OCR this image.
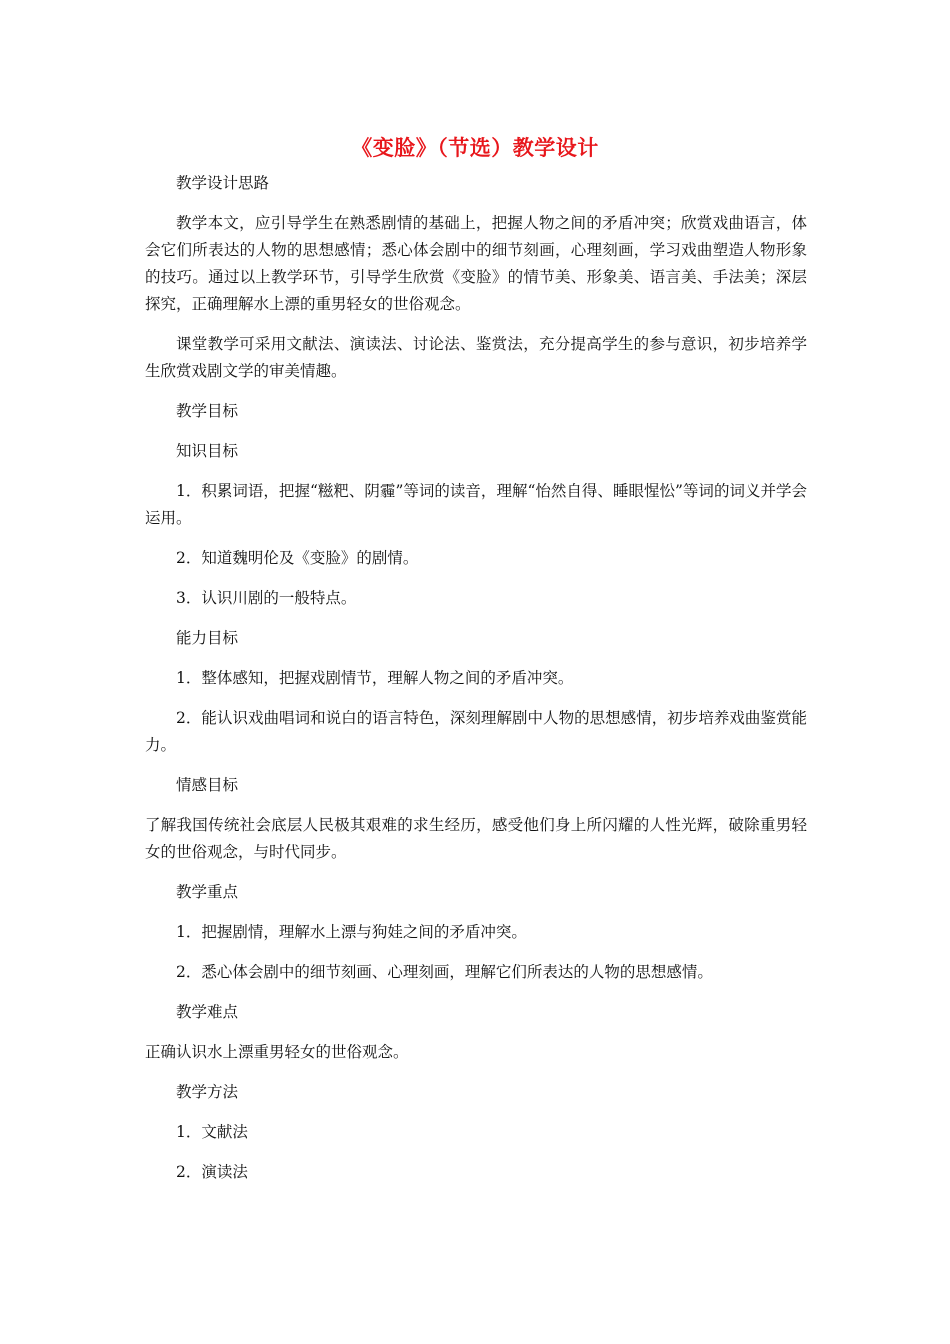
《变脸》（节选）教学设计

教学设计思路

教学本文，应引导学生在熟悉剧情的基础上，把握人物之间的矛盾冲突；欣赏戏曲语言，体会它们所表达的人物的思想感情；悉心体会剧中的细节刻画，心理刻画，学习戏曲塑造人物形象的技巧。通过以上教学环节，引导学生欣赏《变脸》的情节美、形象美、语言美、手法美；深层探究，正确理解水上漂的重男轻女的世俗观念。

课堂教学可采用文献法、演读法、讨论法、鉴赏法，充分提高学生的参与意识，初步培养学生欣赏戏剧文学的审美情趣。

教学目标

知识目标

1．积累词语，把握“糍粑、阴霾”等词的读音，理解“怡然自得、睡眼惺忪”等词的词义并学会运用。

2．知道魏明伦及《变脸》的剧情。

3．认识川剧的一般特点。

能力目标

1．整体感知，把握戏剧情节，理解人物之间的矛盾冲突。

2．能认识戏曲唱词和说白的语言特色，深刻理解剧中人物的思想感情，初步培养戏曲鉴赏能力。

情感目标

了解我国传统社会底层人民极其艰难的求生经历，感受他们身上所闪耀的人性光辉，破除重男轻女的世俗观念，与时代同步。

教学重点

1．把握剧情，理解水上漂与狗娃之间的矛盾冲突。

2．悉心体会剧中的细节刻画、心理刻画，理解它们所表达的人物的思想感情。

教学难点

正确认识水上漂重男轻女的世俗观念。

教学方法

1．文献法

2．演读法
